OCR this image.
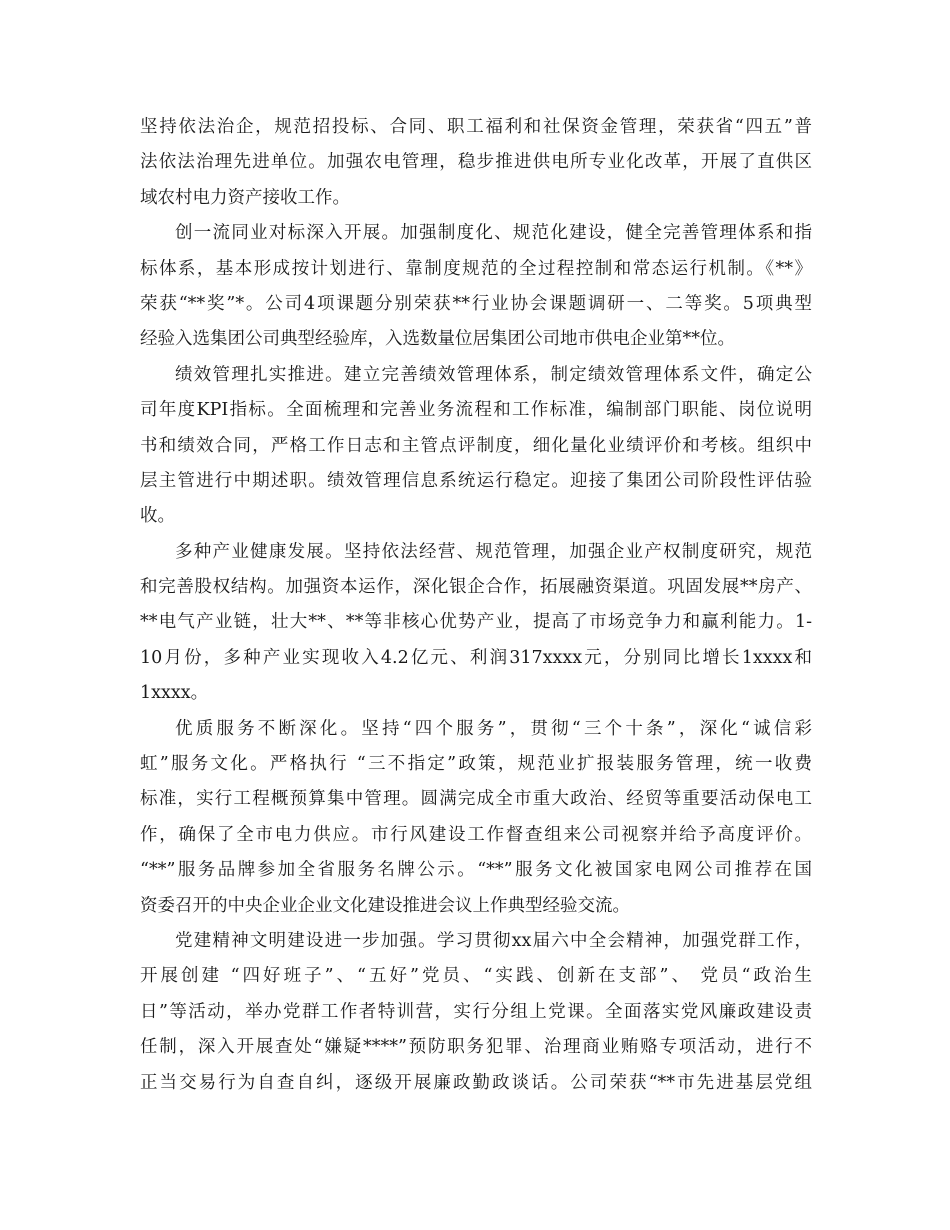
坚持依法治企，规范招投标、合同、职工福利和社保资金管理，荣获省“四五”普
法依法治理先进单位。加强农电管理，稳步推进供电所专业化改革，开展了直供区
域农村电力资产接收工作。
创一流同业对标深入开展。加强制度化、规范化建设，健全完善管理体系和指
标体系，基本形成按计划进行、靠制度规范的全过程控制和常态运行机制。《**》
荣获“**奖”*。公司4项课题分别荣获**行业协会课题调研一、二等奖。5项典型
经验入选集团公司典型经验库，入选数量位居集团公司地市供电企业第**位。
绩效管理扎实推进。建立完善绩效管理体系，制定绩效管理体系文件，确定公
司年度KPI指标。全面梳理和完善业务流程和工作标准，编制部门职能、岗位说明
书和绩效合同，严格工作日志和主管点评制度，细化量化业绩评价和考核。组织中
层主管进行中期述职。绩效管理信息系统运行稳定。迎接了集团公司阶段性评估验
收。
多种产业健康发展。坚持依法经营、规范管理，加强企业产权制度研究，规范
和完善股权结构。加强资本运作，深化银企合作，拓展融资渠道。巩固发展**房产、
**电气产业链，壮大**、**等非核心优势产业，提高了市场竞争力和赢利能力。1-
10月份，多种产业实现收入4.2亿元、利润317xxxx元，分别同比增长1xxxx和
1xxxx。
优质服务不断深化。坚持“四个服务”，贯彻“三个十条”，深化“诚信彩
虹”服务文化。严格执行 “三不指定”政策，规范业扩报装服务管理，统一收费
标准，实行工程概预算集中管理。圆满完成全市重大政治、经贸等重要活动保电工
作，确保了全市电力供应。市行风建设工作督查组来公司视察并给予高度评价。
“**”服务品牌参加全省服务名牌公示。“**”服务文化被国家电网公司推荐在国
资委召开的中央企业企业文化建设推进会议上作典型经验交流。
党建精神文明建设进一步加强。学习贯彻xx届六中全会精神，加强党群工作，
开展创建 “四好班子”、“五好”党员、“实践、创新在支部”、 党员“政治生
日”等活动，举办党群工作者特训营，实行分组上党课。全面落实党风廉政建设责
任制，深入开展查处“嫌疑****”预防职务犯罪、治理商业贿赂专项活动，进行不
正当交易行为自查自纠，逐级开展廉政勤政谈话。公司荣获“**市先进基层党组
